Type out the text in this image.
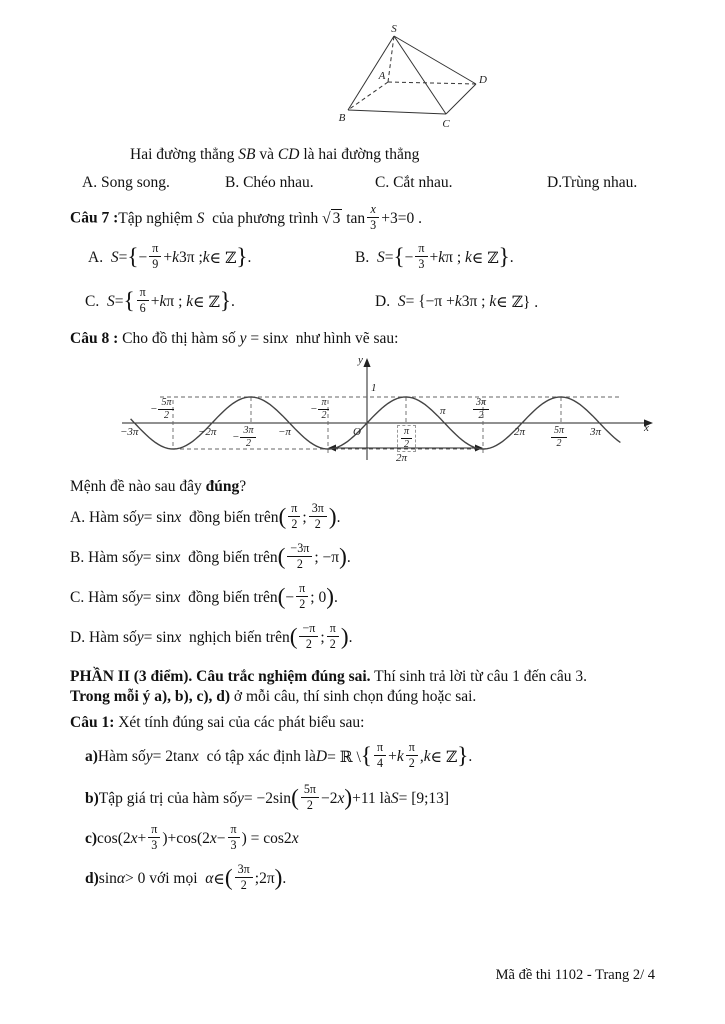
S
A
B	C
D

Hai đường thẳng SB và CD là hai đường thẳng

A. Song song.	B. Chéo nhau.	C. Cắt nhau.	D.Trùng nhau.

Câu 7 :Tập nghiệm S  của phương trình √ 3 $\tan \frac{x}{3} +3=0$ .

A. S = { − $\frac{\pi}{9} + k$ 3π ; k ∈ ℤ } .	B. S = { − $\frac{\pi}{3} + k$ π ; k ∈ ℤ } .
C. S = { $\frac{\pi}{6} + k$ π ; k ∈ ℤ } .	D. S = {−π + k 3π ; k ∈ ℤ} .

Câu 8 : Cho đồ thị hàm số y = sinx  như hình vẽ sau:

y
1
− $\frac{5\pi}{2}$	− $\frac{\pi}{2}$	π	$\frac{3\pi}{2}$
−3π	$-2\pi - \frac{3\pi}{2} -\pi$	O	$\frac{\pi}{2}$	2π	$\frac{5\pi}{2} 3\pi$	x
2π

Mệnh đề nào sau đây đúng?

A. Hàm số y = sin x đồng biến trên ( $\frac{\pi}{2}$ ; $\frac{3\pi}{2}$ ) .

B. Hàm số y = sin x đồng biến trên ( $\frac{-3\pi}{2}$ ; −π ) .

C. Hàm số y = sin x đồng biến trên ( − $\frac{\pi}{2}$ ; 0 ) .

D. Hàm số y = sin x nghịch biến trên ( $\frac{-\pi}{2}$ ; $\frac{\pi}{2}$ ) .

PHẦN II (3 điểm). Câu trắc nghiệm đúng sai. Thí sinh trả lời từ câu 1 đến câu 3.

Trong mỗi ý a), b), c), d) ở mỗi câu, thí sinh chọn đúng hoặc sai.

Câu 1: Xét tính đúng sai của các phát biểu sau:

a) Hàm số y = 2tan x có tập xác định là D = ℝ \ { $\frac{\pi}{4} + k \frac{\pi}{2}$ , k ∈ ℤ } .

b) Tập giá trị của hàm số y = −2sin ( $\frac{5\pi}{2} -2$ x ) +11 là S = [9;13]

c) cos(2 $x + \frac{\pi}{3} )+\cos(2$ $x - \frac{\pi}{3}$ ) = cos2 x

d) sin α > 0 với mọi α ∈ ( $\frac{3\pi}{2}$ ;2π ) .

Mã đề thi 1102 - Trang 2/ 4
